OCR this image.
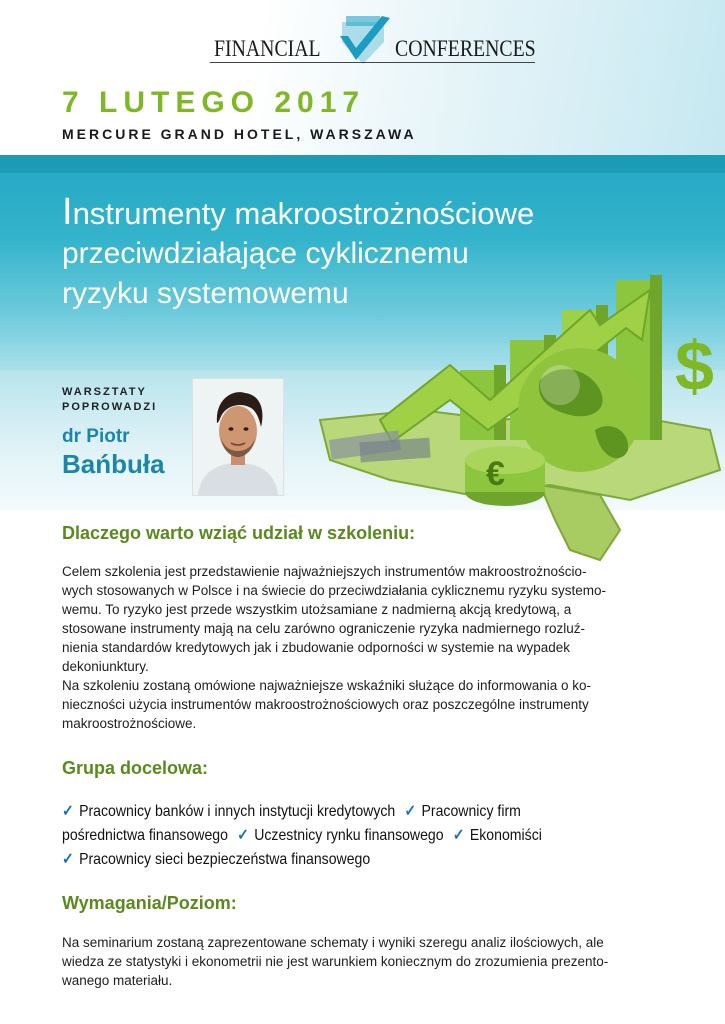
FINANCIAL	CONFERENCES
7 LUTEGO 2017
MERCURE GRAND HOTEL, WARSZAWA
€
$
Instrumenty makroostrożnościowe
przeciwdziałające cyklicznemu
ryzyku systemowemu
WARSZTATY
POPROWADZI
dr Piotr
Bańbuła
Dlaczego warto wziąć udział w szkoleniu:
Celem szkolenia jest przedstawienie najważniejszych instrumentów makroostrożnościo-
wych stosowanych w Polsce i na świecie do przeciwdziałania cyklicznemu ryzyku systemo-
wemu. To ryzyko jest przede wszystkim utożsamiane z nadmierną akcją kredytową, a
stosowane instrumenty mają na celu zarówno ograniczenie ryzyka nadmiernego rozluź-
nienia standardów kredytowych jak i zbudowanie odporności w systemie na wypadek
dekoniunktury.
Na szkoleniu zostaną omówione najważniejsze wskaźniki służące do informowania o ko-
nieczności użycia instrumentów makroostrożnościowych oraz poszczególne instrumenty
makroostrożnościowe.
Grupa docelowa:
✓ Pracownicy banków i innych instytucji kredytowych ✓ Pracownicy firm
pośrednictwa finansowego ✓ Uczestnicy rynku finansowego ✓ Ekonomiści
✓ Pracownicy sieci bezpieczeństwa finansowego
Wymagania/Poziom:
Na seminarium zostaną zaprezentowane schematy i wyniki szeregu analiz ilościowych, ale
wiedza ze statystyki i ekonometrii nie jest warunkiem koniecznym do zrozumienia prezento-
wanego materiału.
